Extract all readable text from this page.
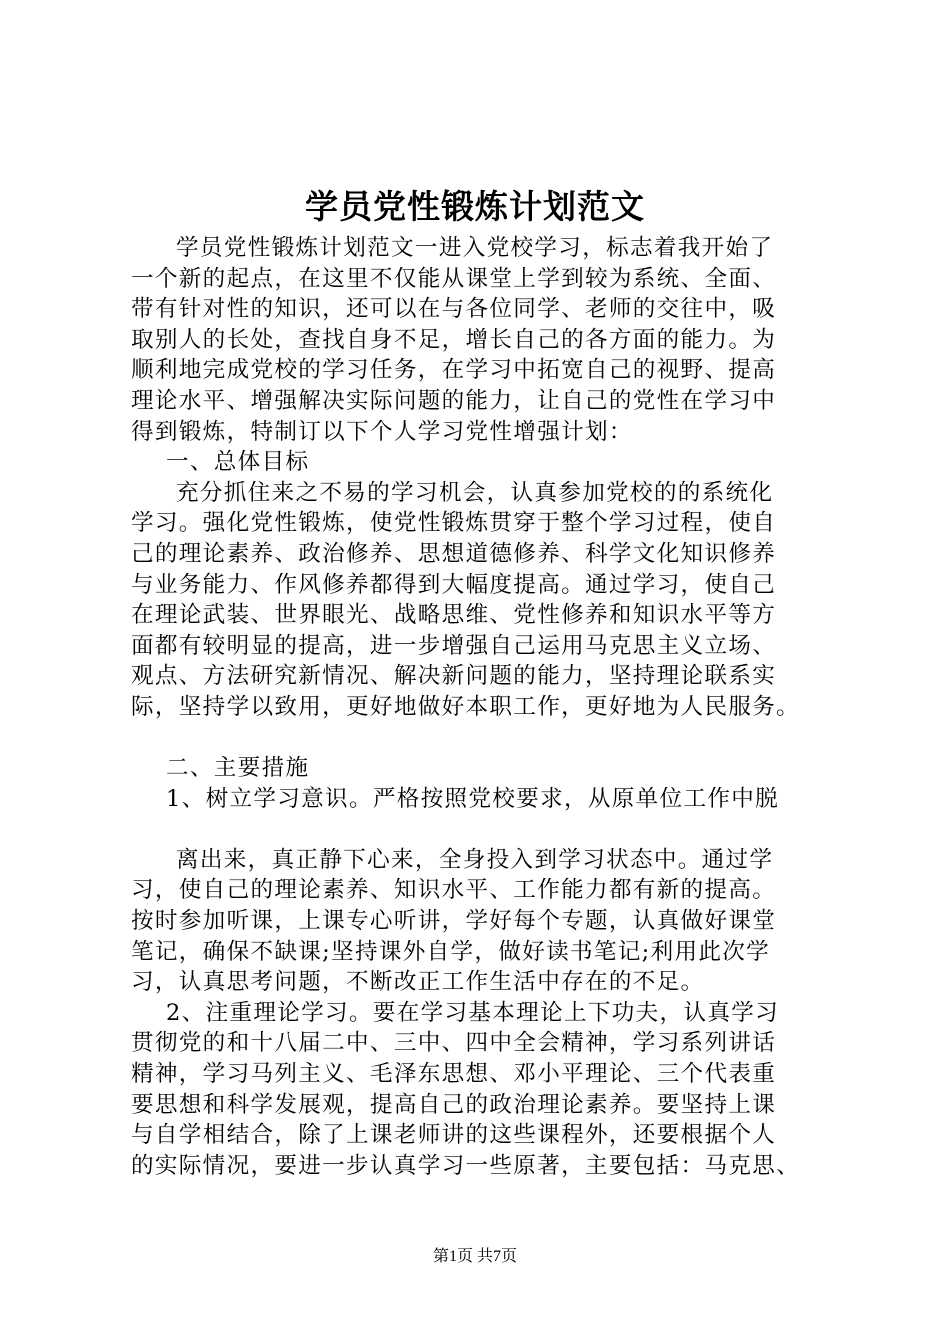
学员党性锻炼计划范文
学员党性锻炼计划范文一进入党校学习，标志着我开始了
一个新的起点，在这里不仅能从课堂上学到较为系统、全面、
带有针对性的知识，还可以在与各位同学、老师的交往中，吸
取别人的长处，查找自身不足，增长自己的各方面的能力。为
顺利地完成党校的学习任务，在学习中拓宽自己的视野、提高
理论水平、增强解决实际问题的能力，让自己的党性在学习中
得到锻炼，特制订以下个人学习党性增强计划：
一、总体目标
充分抓住来之不易的学习机会，认真参加党校的的系统化
学习。强化党性锻炼，使党性锻炼贯穿于整个学习过程，使自
己的理论素养、政治修养、思想道德修养、科学文化知识修养
与业务能力、作风修养都得到大幅度提高。通过学习，使自己
在理论武装、世界眼光、战略思维、党性修养和知识水平等方
面都有较明显的提高，进一步增强自己运用马克思主义立场、
观点、方法研究新情况、解决新问题的能力，坚持理论联系实
际，坚持学以致用，更好地做好本职工作，更好地为人民服务。
二、主要措施
1、树立学习意识。严格按照党校要求，从原单位工作中脱
离出来，真正静下心来，全身投入到学习状态中。通过学
习，使自己的理论素养、知识水平、工作能力都有新的提高。
按时参加听课，上课专心听讲，学好每个专题，认真做好课堂
笔记，确保不缺课;坚持课外自学，做好读书笔记;利用此次学
习，认真思考问题，不断改正工作生活中存在的不足。
2、注重理论学习。要在学习基本理论上下功夫，认真学习
贯彻党的和十八届二中、三中、四中全会精神，学习系列讲话
精神，学习马列主义、毛泽东思想、邓小平理论、三个代表重
要思想和科学发展观，提高自己的政治理论素养。要坚持上课
与自学相结合，除了上课老师讲的这些课程外，还要根据个人
的实际情况，要进一步认真学习一些原著，主要包括：马克思、
第1页 共7页
